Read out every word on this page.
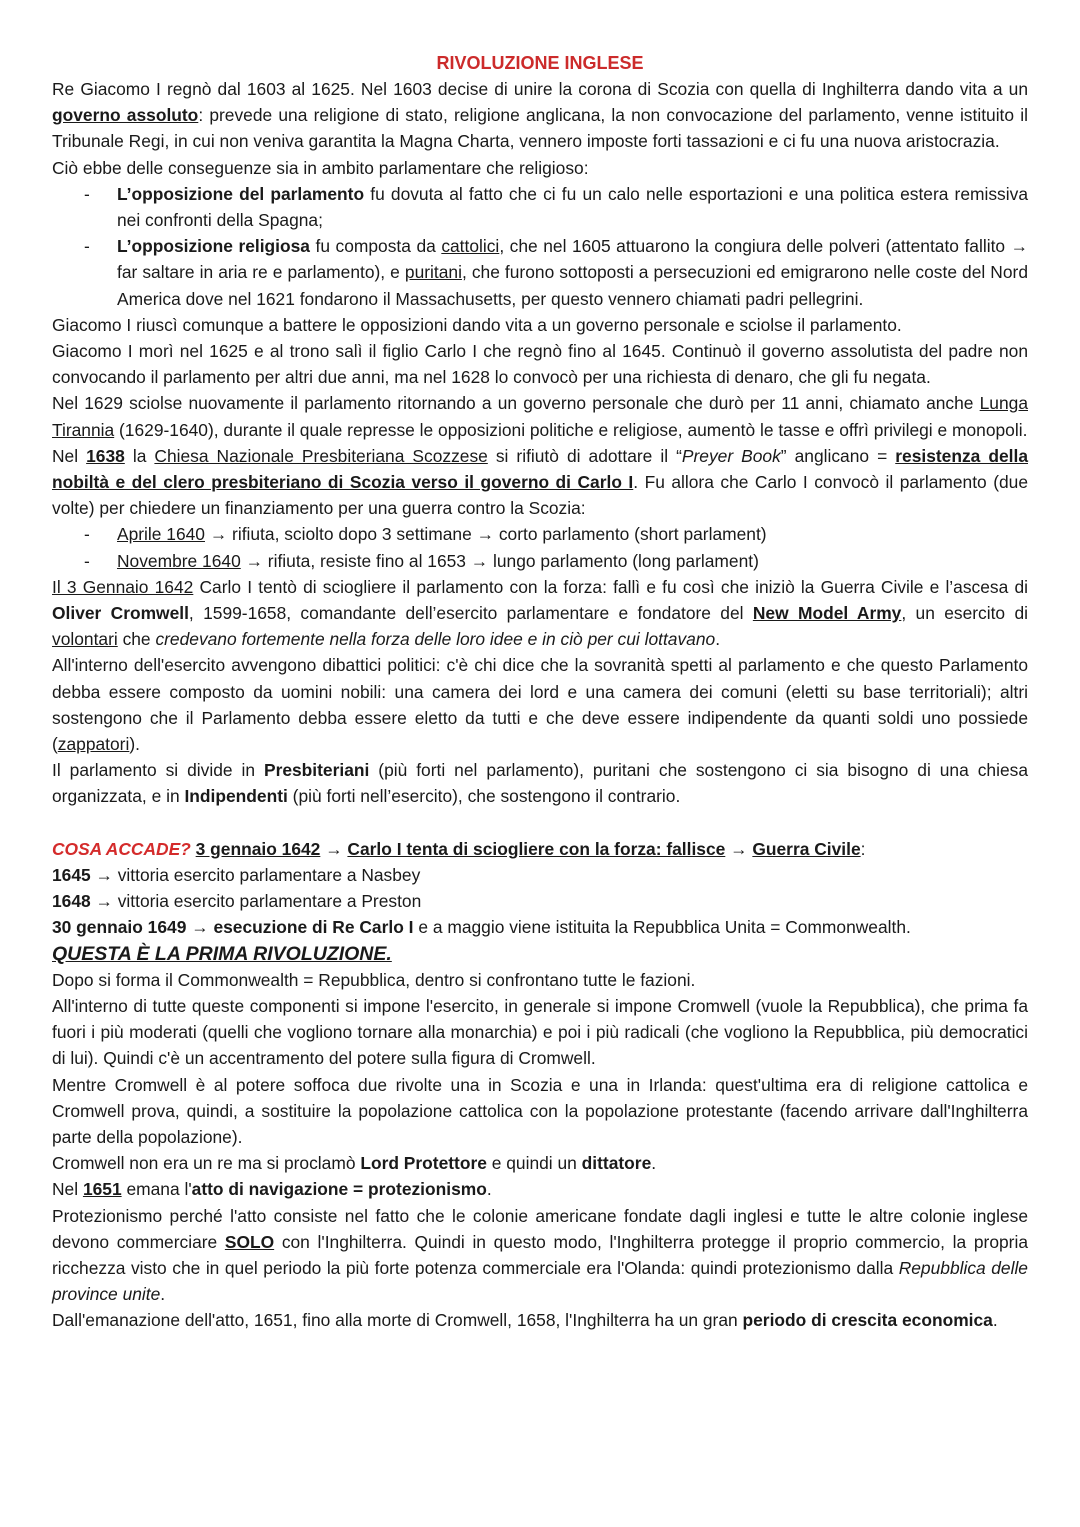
RIVOLUZIONE INGLESE

Re Giacomo I regnò dal 1603 al 1625. Nel 1603 decise di unire la corona di Scozia con quella di Inghilterra dando vita a un governo assoluto: prevede una religione di stato, religione anglicana, la non convocazione del parlamento, venne istituito il Tribunale Regi, in cui non veniva garantita la Magna Charta, vennero imposte forti tassazioni e ci fu una nuova aristocrazia.

Ciò ebbe delle conseguenze sia in ambito parlamentare che religioso:

- L’opposizione del parlamento fu dovuta al fatto che ci fu un calo nelle esportazioni e una politica estera remissiva nei confronti della Spagna;
- L’opposizione religiosa fu composta da cattolici, che nel 1605 attuarono la congiura delle polveri (attentato fallito → far saltare in aria re e parlamento), e puritani, che furono sottoposti a persecuzioni ed emigrarono nelle coste del Nord America dove nel 1621 fondarono il Massachusetts, per questo vennero chiamati padri pellegrini.

Giacomo I riuscì comunque a battere le opposizioni dando vita a un governo personale e sciolse il parlamento.

Giacomo I morì nel 1625 e al trono salì il figlio Carlo I che regnò fino al 1645. Continuò il governo assolutista del padre non convocando il parlamento per altri due anni, ma nel 1628 lo convocò per una richiesta di denaro, che gli fu negata.

Nel 1629 sciolse nuovamente il parlamento ritornando a un governo personale che durò per 11 anni, chiamato anche Lunga Tirannia (1629-1640), durante il quale represse le opposizioni politiche e religiose, aumentò le tasse e offrì privilegi e monopoli.

Nel 1638 la Chiesa Nazionale Presbiteriana Scozzese si rifiutò di adottare il “Preyer Book” anglicano = resistenza della nobiltà e del clero presbiteriano di Scozia verso il governo di Carlo I. Fu allora che Carlo I convocò il parlamento (due volte) per chiedere un finanziamento per una guerra contro la Scozia:

- Aprile 1640 → rifiuta, sciolto dopo 3 settimane → corto parlamento (short parlament)
- Novembre 1640 → rifiuta, resiste fino al 1653 → lungo parlamento (long parlament)

Il 3 Gennaio 1642 Carlo I tentò di sciogliere il parlamento con la forza: fallì e fu così che iniziò la Guerra Civile e l’ascesa di Oliver Cromwell, 1599-1658, comandante dell’esercito parlamentare e fondatore del New Model Army, un esercito di volontari che credevano fortemente nella forza delle loro idee e in ciò per cui lottavano.

All'interno dell'esercito avvengono dibattici politici: c'è chi dice che la sovranità spetti al parlamento e che questo Parlamento debba essere composto da uomini nobili: una camera dei lord e una camera dei comuni (eletti su base territoriali); altri sostengono che il Parlamento debba essere eletto da tutti e che deve essere indipendente da quanti soldi uno possiede (zappatori).

Il parlamento si divide in Presbiteriani (più forti nel parlamento), puritani che sostengono ci sia bisogno di una chiesa organizzata, e in Indipendenti (più forti nell’esercito), che sostengono il contrario.

COSA ACCADE? 3 gennaio 1642 → Carlo I tenta di sciogliere con la forza: fallisce → Guerra Civile:

1645 → vittoria esercito parlamentare a Nasbey

1648 → vittoria esercito parlamentare a Preston

30 gennaio 1649 → esecuzione di Re Carlo I e a maggio viene istituita la Repubblica Unita = Commonwealth.

QUESTA È LA PRIMA RIVOLUZIONE.

Dopo si forma il Commonwealth = Repubblica, dentro si confrontano tutte le fazioni.

All'interno di tutte queste componenti si impone l'esercito, in generale si impone Cromwell (vuole la Repubblica), che prima fa fuori i più moderati (quelli che vogliono tornare alla monarchia) e poi i più radicali (che vogliono la Repubblica, più democratici di lui). Quindi c'è un accentramento del potere sulla figura di Cromwell.

Mentre Cromwell è al potere soffoca due rivolte una in Scozia e una in Irlanda: quest'ultima era di religione cattolica e Cromwell prova, quindi, a sostituire la popolazione cattolica con la popolazione protestante (facendo arrivare dall'Inghilterra parte della popolazione).

Cromwell non era un re ma si proclamò Lord Protettore e quindi un dittatore.

Nel 1651 emana l'atto di navigazione = protezionismo.

Protezionismo perché l'atto consiste nel fatto che le colonie americane fondate dagli inglesi e tutte le altre colonie inglese devono commerciare SOLO con l'Inghilterra. Quindi in questo modo, l'Inghilterra protegge il proprio commercio, la propria ricchezza visto che in quel periodo la più forte potenza commerciale era l'Olanda: quindi protezionismo dalla Repubblica delle province unite.

Dall'emanazione dell'atto, 1651, fino alla morte di Cromwell, 1658, l'Inghilterra ha un gran periodo di crescita economica.
